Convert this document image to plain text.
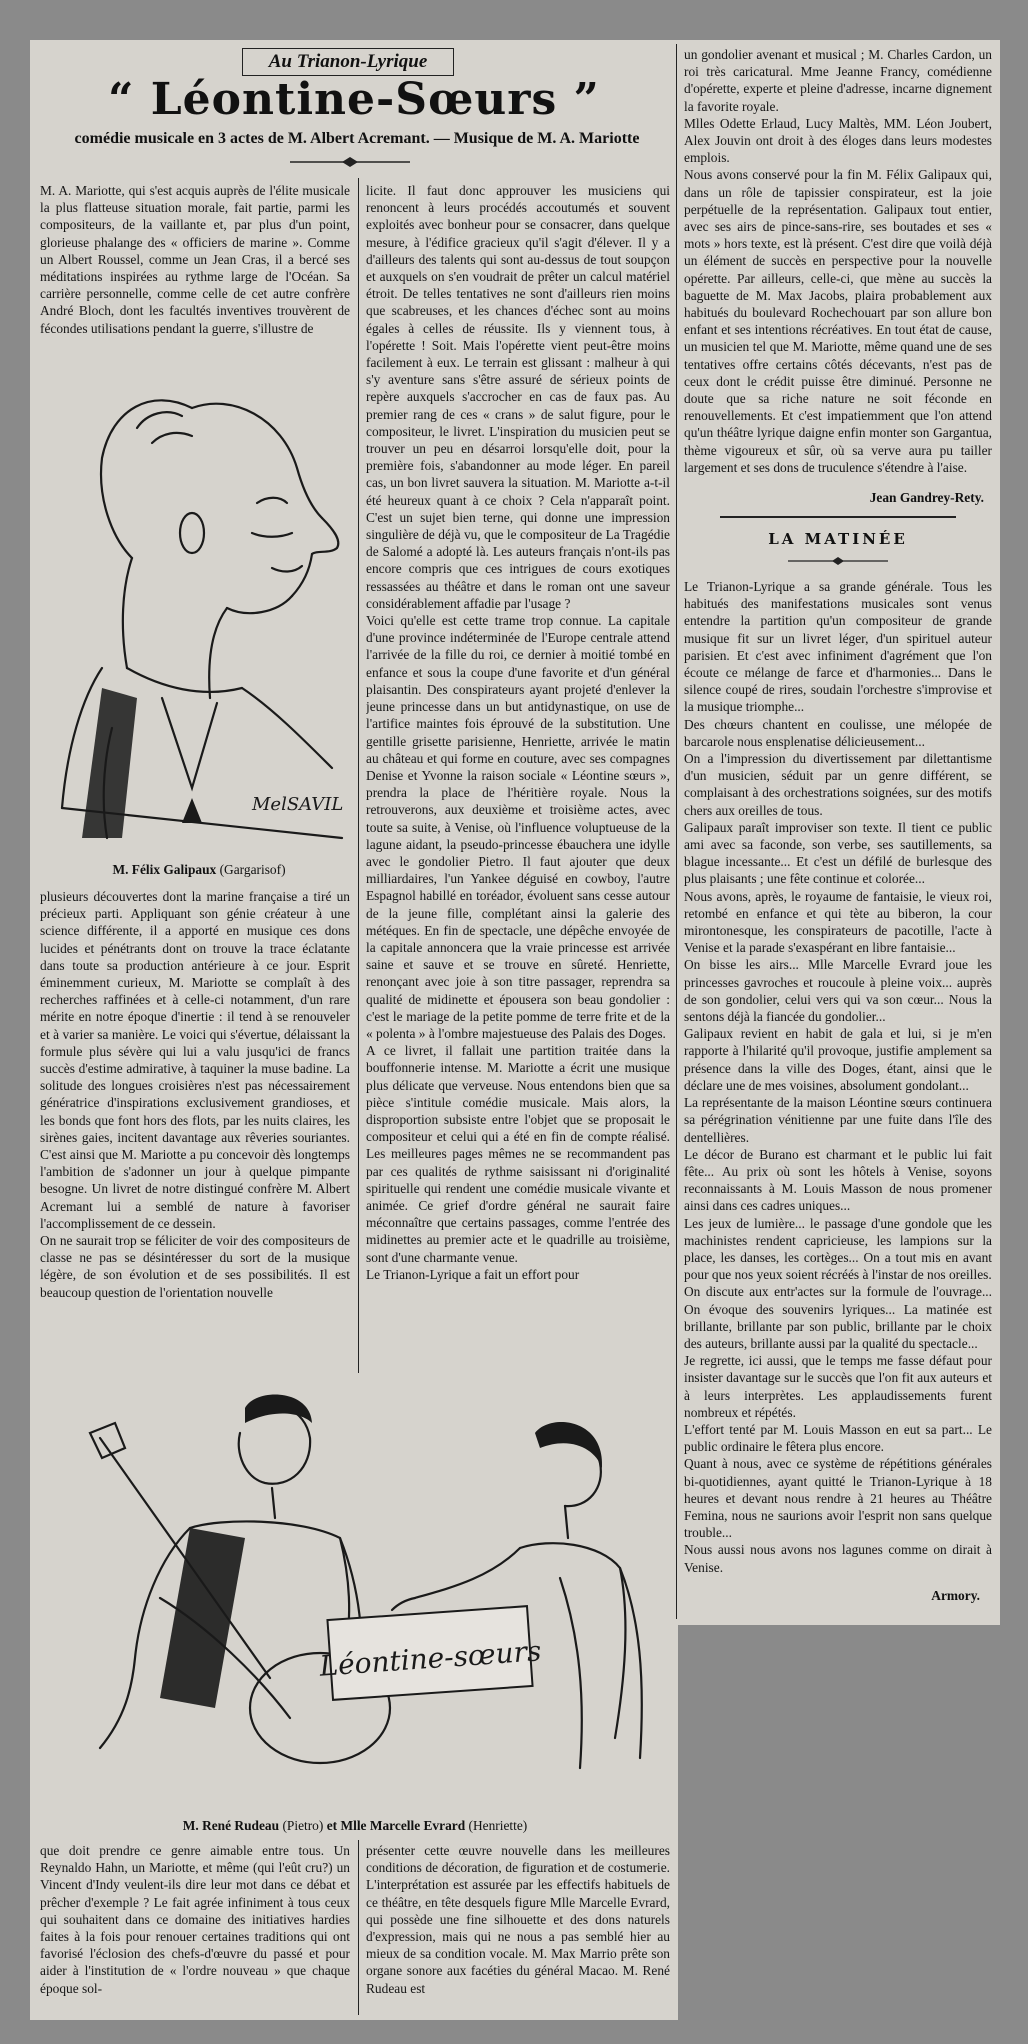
Au Trianon-Lyrique
“ Léontine-Sœurs ”
comédie musicale en 3 actes de M. Albert Acremant. — Musique de M. A. Mariotte
M. A. Mariotte, qui s'est acquis auprès de l'élite musicale la plus flatteuse situation morale, fait partie, parmi les compositeurs, de la vaillante et, par plus d'un point, glorieuse phalange des « officiers de marine ». Comme un Albert Roussel, comme un Jean Cras, il a bercé ses méditations inspirées au rythme large de l'Océan. Sa carrière personnelle, comme celle de cet autre confrère André Bloch, dont les facultés inventives trouvèrent de fécondes utilisations pendant la guerre, s'illustre de
MelSAVIL
M. Félix Galipaux (Gargarisof)
plusieurs découvertes dont la marine française a tiré un précieux parti. Appliquant son génie créateur à une science différente, il a apporté en musique ces dons lucides et pénétrants dont on trouve la trace éclatante dans toute sa production antérieure à ce jour. Esprit éminemment curieux, M. Mariotte se complaît à des recherches raffinées et à celle-ci notamment, d'un rare mérite en notre époque d'inertie : il tend à se renouveler et à varier sa manière. Le voici qui s'évertue, délaissant la formule plus sévère qui lui a valu jusqu'ici de francs succès d'estime admirative, à taquiner la muse badine. La solitude des longues croisières n'est pas nécessairement génératrice d'inspirations exclusivement grandioses, et les bonds que font hors des flots, par les nuits claires, les sirènes gaies, incitent davantage aux rêveries souriantes. C'est ainsi que M. Mariotte a pu concevoir dès longtemps l'ambition de s'adonner un jour à quelque pimpante besogne. Un livret de notre distingué confrère M. Albert Acremant lui a semblé de nature à favoriser l'accomplissement de ce dessein.
On ne saurait trop se féliciter de voir des compositeurs de classe ne pas se désintéresser du sort de la musique légère, de son évolution et de ses possibilités. Il est beaucoup question de l'orientation nouvelle
licite. Il faut donc approuver les musiciens qui renoncent à leurs procédés accoutumés et souvent exploités avec bonheur pour se consacrer, dans quelque mesure, à l'édifice gracieux qu'il s'agit d'élever. Il y a d'ailleurs des talents qui sont au-dessus de tout soupçon et auxquels on s'en voudrait de prêter un calcul matériel étroit. De telles tentatives ne sont d'ailleurs rien moins que scabreuses, et les chances d'échec sont au moins égales à celles de réussite. Ils y viennent tous, à l'opérette ! Soit. Mais l'opérette vient peut-être moins facilement à eux. Le terrain est glissant : malheur à qui s'y aventure sans s'être assuré de sérieux points de repère auxquels s'accrocher en cas de faux pas. Au premier rang de ces « crans » de salut figure, pour le compositeur, le livret. L'inspiration du musicien peut se trouver un peu en désarroi lorsqu'elle doit, pour la première fois, s'abandonner au mode léger. En pareil cas, un bon livret sauvera la situation. M. Mariotte a-t-il été heureux quant à ce choix ? Cela n'apparaît point. C'est un sujet bien terne, qui donne une impression singulière de déjà vu, que le compositeur de La Tragédie de Salomé a adopté là. Les auteurs français n'ont-ils pas encore compris que ces intrigues de cours exotiques ressassées au théâtre et dans le roman ont une saveur considérablement affadie par l'usage ?
Voici qu'elle est cette trame trop connue. La capitale d'une province indéterminée de l'Europe centrale attend l'arrivée de la fille du roi, ce dernier à moitié tombé en enfance et sous la coupe d'une favorite et d'un général plaisantin. Des conspirateurs ayant projeté d'enlever la jeune princesse dans un but antidynastique, on use de l'artifice maintes fois éprouvé de la substitution. Une gentille grisette parisienne, Henriette, arrivée le matin au château et qui forme en couture, avec ses compagnes Denise et Yvonne la raison sociale « Léontine sœurs », prendra la place de l'héritière royale. Nous la retrouverons, aux deuxième et troisième actes, avec toute sa suite, à Venise, où l'influence voluptueuse de la lagune aidant, la pseudo-princesse ébauchera une idylle avec le gondolier Pietro. Il faut ajouter que deux milliardaires, l'un Yankee déguisé en cowboy, l'autre Espagnol habillé en toréador, évoluent sans cesse autour de la jeune fille, complétant ainsi la galerie des météques. En fin de spectacle, une dépêche envoyée de la capitale annoncera que la vraie princesse est arrivée saine et sauve et se trouve en sûreté. Henriette, renonçant avec joie à son titre passager, reprendra sa qualité de midinette et épousera son beau gondolier : c'est le mariage de la petite pomme de terre frite et de la « polenta » à l'ombre majestueuse des Palais des Doges.
A ce livret, il fallait une partition traitée dans la bouffonnerie intense. M. Mariotte a écrit une musique plus délicate que verveuse. Nous entendons bien que sa pièce s'intitule comédie musicale. Mais alors, la disproportion subsiste entre l'objet que se proposait le compositeur et celui qui a été en fin de compte réalisé. Les meilleures pages mêmes ne se recommandent pas par ces qualités de rythme saisissant ni d'originalité spirituelle qui rendent une comédie musicale vivante et animée. Ce grief d'ordre général ne saurait faire méconnaître que certains passages, comme l'entrée des midinettes au premier acte et le quadrille au troisième, sont d'une charmante venue.
Le Trianon-Lyrique a fait un effort pour
Léontine-sœurs
M. René Rudeau (Pietro) et Mlle Marcelle Evrard (Henriette)
que doit prendre ce genre aimable entre tous. Un Reynaldo Hahn, un Mariotte, et même (qui l'eût cru?) un Vincent d'Indy veulent-ils dire leur mot dans ce débat et prêcher d'exemple ? Le fait agrée infiniment à tous ceux qui souhaitent dans ce domaine des initiatives hardies faites à la fois pour renouer certaines traditions qui ont favorisé l'éclosion des chefs-d'œuvre du passé et pour aider à l'institution de « l'ordre nouveau » que chaque époque sol-
présenter cette œuvre nouvelle dans les meilleures conditions de décoration, de figuration et de costumerie. L'interprétation est assurée par les effectifs habituels de ce théâtre, en tête desquels figure Mlle Marcelle Evrard, qui possède une fine silhouette et des dons naturels d'expression, mais qui ne nous a pas semblé hier au mieux de sa condition vocale. M. Max Marrio prête son organe sonore aux facéties du général Macao. M. René Rudeau est
un gondolier avenant et musical ; M. Charles Cardon, un roi très caricatural. Mme Jeanne Francy, comédienne d'opérette, experte et pleine d'adresse, incarne dignement la favorite royale.
Mlles Odette Erlaud, Lucy Maltès, MM. Léon Joubert, Alex Jouvin ont droit à des éloges dans leurs modestes emplois.
Nous avons conservé pour la fin M. Félix Galipaux qui, dans un rôle de tapissier conspirateur, est la joie perpétuelle de la représentation. Galipaux tout entier, avec ses airs de pince-sans-rire, ses boutades et ses « mots » hors texte, est là présent. C'est dire que voilà déjà un élément de succès en perspective pour la nouvelle opérette. Par ailleurs, celle-ci, que mène au succès la baguette de M. Max Jacobs, plaira probablement aux habitués du boulevard Rochechouart par son allure bon enfant et ses intentions récréatives. En tout état de cause, un musicien tel que M. Mariotte, même quand une de ses tentatives offre certains côtés décevants, n'est pas de ceux dont le crédit puisse être diminué. Personne ne doute que sa riche nature ne soit féconde en renouvellements. Et c'est impatiemment que l'on attend qu'un théâtre lyrique daigne enfin monter son Gargantua, thème vigoureux et sûr, où sa verve aura pu tailler largement et ses dons de truculence s'étendre à l'aise.
Jean Gandrey-Rety.
LA MATINÉE
Le Trianon-Lyrique a sa grande générale. Tous les habitués des manifestations musicales sont venus entendre la partition qu'un compositeur de grande musique fit sur un livret léger, d'un spirituel auteur parisien. Et c'est avec infiniment d'agrément que l'on écoute ce mélange de farce et d'harmonies... Dans le silence coupé de rires, soudain l'orchestre s'improvise et la musique triomphe...
Des chœurs chantent en coulisse, une mélopée de barcarole nous ensplenatise délicieusement...
On a l'impression du divertissement par dilettantisme d'un musicien, séduit par un genre différent, se complaisant à des orchestrations soignées, sur des motifs chers aux oreilles de tous.
Galipaux paraît improviser son texte. Il tient ce public ami avec sa faconde, son verbe, ses sautillements, sa blague incessante... Et c'est un défilé de burlesque des plus plaisants ; une fête continue et colorée...
Nous avons, après, le royaume de fantaisie, le vieux roi, retombé en enfance et qui tète au biberon, la cour mirontonesque, les conspirateurs de pacotille, l'acte à Venise et la parade s'exaspérant en libre fantaisie...
On bisse les airs... Mlle Marcelle Evrard joue les princesses gavroches et roucoule à pleine voix... auprès de son gondolier, celui vers qui va son cœur... Nous la sentons déjà la fiancée du gondolier...
Galipaux revient en habit de gala et lui, si je m'en rapporte à l'hilarité qu'il provoque, justifie amplement sa présence dans la ville des Doges, étant, ainsi que le déclare une de mes voisines, absolument gondolant...
La représentante de la maison Léontine sœurs continuera sa pérégrination vénitienne par une fuite dans l'île des dentellières.
Le décor de Burano est charmant et le public lui fait fête... Au prix où sont les hôtels à Venise, soyons reconnaissants à M. Louis Masson de nous promener ainsi dans ces cadres uniques...
Les jeux de lumière... le passage d'une gondole que les machinistes rendent capricieuse, les lampions sur la place, les danses, les cortèges... On a tout mis en avant pour que nos yeux soient récréés à l'instar de nos oreilles.
On discute aux entr'actes sur la formule de l'ouvrage... On évoque des souvenirs lyriques... La matinée est brillante, brillante par son public, brillante par le choix des auteurs, brillante aussi par la qualité du spectacle...
Je regrette, ici aussi, que le temps me fasse défaut pour insister davantage sur le succès que l'on fit aux auteurs et à leurs interprètes. Les applaudissements furent nombreux et répétés.
L'effort tenté par M. Louis Masson en eut sa part... Le public ordinaire le fêtera plus encore.
Quant à nous, avec ce système de répétitions générales bi-quotidiennes, ayant quitté le Trianon-Lyrique à 18 heures et devant nous rendre à 21 heures au Théâtre Femina, nous ne saurions avoir l'esprit non sans quelque trouble...
Nous aussi nous avons nos lagunes comme on dirait à Venise.
Armory.
